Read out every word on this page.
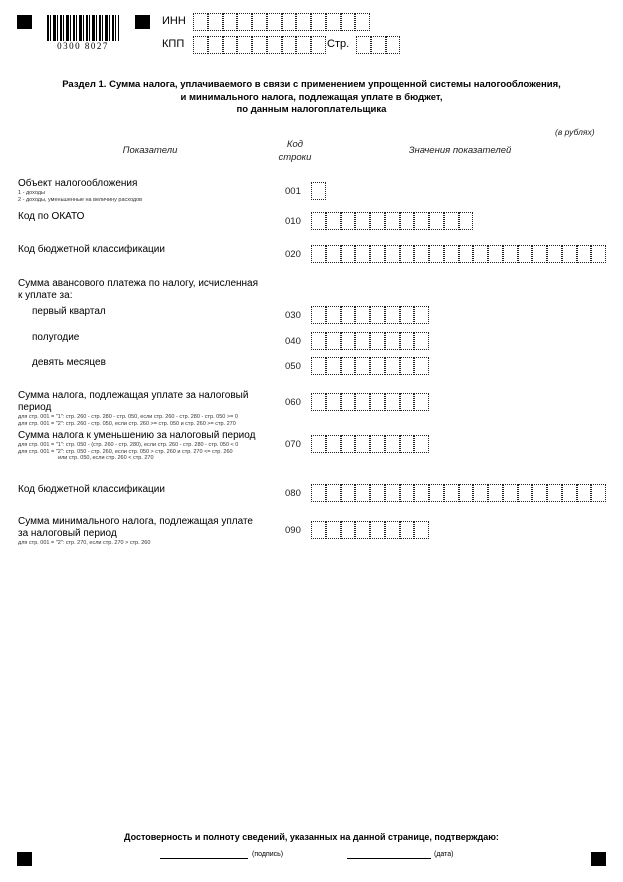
0300 8027
ИНН
КПП	Стр.
Раздел 1. Сумма налога, уплачиваемого в связи с применением упрощенной системы налогообложения,
и минимального налога, подлежащая уплате в бюджет,
по данным налогоплательщика
(в рублях)
Показатели
Код
строки
Значения показателей
Объект налогообложения
1 - доходы
2 - доходы, уменьшенные на величину расходов
001
Код по ОКАТО	010
Код бюджетной классификации	020
Сумма авансового платежа по налогу, исчисленная к уплате за:
первый квартал	030
полугодие	040
девять месяцев	050
Сумма налога, подлежащая уплате за налоговый период
для стр. 001 = "1": стр. 260 - стр. 280 - стр. 050, если стр. 260 - стр. 280 - стр. 050 >= 0
для стр. 001 = "2": стр. 260 - стр. 050, если стр. 260 >= стр. 050 и стр. 260 >= стр. 270
060
Сумма налога к уменьшению за налоговый период
для стр. 001 = "1": стр. 050 - (стр. 260 - стр. 280), если стр. 260 - стр. 280 - стр. 050 < 0
для стр. 001 = "2": стр. 050 - стр. 260, если стр. 050 > стр. 260 и стр. 270 <= стр. 260
или стр. 050, если стр. 260 < стр. 270
070
Код бюджетной классификации	080
Сумма минимального налога, подлежащая уплате за налоговый период
для стр. 001 = "2": стр. 270, если стр. 270 > стр. 260
090
Достоверность и полноту сведений, указанных на данной странице, подтверждаю:
(подпись)	(дата)
